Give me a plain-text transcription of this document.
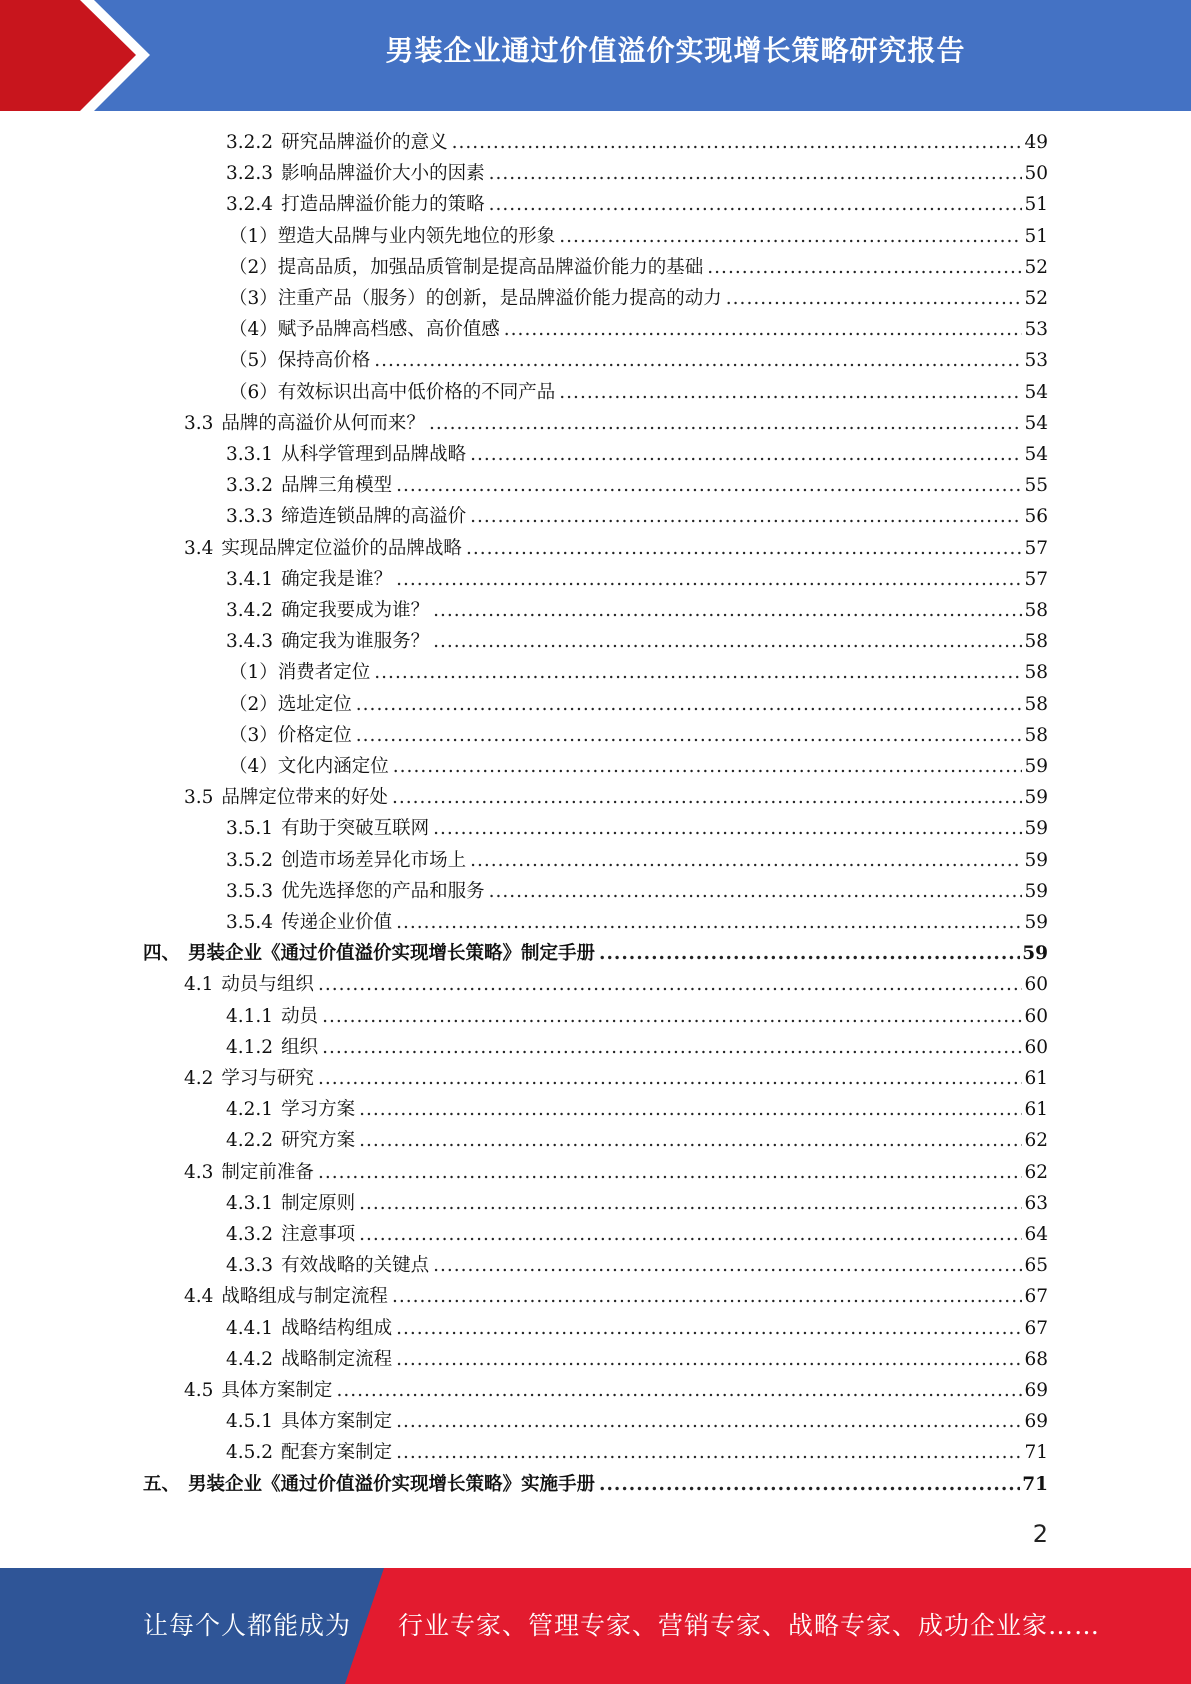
男装企业通过价值溢价实现增长策略研究报告
3.2.2 研究品牌溢价的意义 .....	49
3.2.3 影响品牌溢价大小的因素 .....	50
3.2.4 打造品牌溢价能力的策略 .....	51
（1） 塑造大品牌与业内领先地位的形象 .....	51
（2） 提高品质，加强品质管制是提高品牌溢价能力的基础 .....	52
（3） 注重产品（服务）的创新，是品牌溢价能力提高的动力 .....	52
（4） 赋予品牌高档感、高价值感 .....	53
（5） 保持高价格 .....	53
（6） 有效标识出高中低价格的不同产品 .....	54
3.3 品牌的高溢价从何而来？ .....	54
3.3.1 从科学管理到品牌战略 .....	54
3.3.2 品牌三角模型 .....	55
3.3.3 缔造连锁品牌的高溢价 .....	56
3.4 实现品牌定位溢价的品牌战略 .....	57
3.4.1 确定我是谁？ .....	57
3.4.2 确定我要成为谁？ .....	58
3.4.3 确定我为谁服务？ .....	58
（1） 消费者定位 .....	58
（2） 选址定位 .....	58
（3） 价格定位 .....	58
（4） 文化内涵定位 .....	59
3.5 品牌定位带来的好处 .....	59
3.5.1 有助于突破互联网 .....	59
3.5.2 创造市场差异化市场上 .....	59
3.5.3 优先选择您的产品和服务 .....	59
3.5.4 传递企业价值 .....	59
四、 男装企业《通过价值溢价实现增长策略》制定手册 .....	59
4.1 动员与组织 .....	60
4.1.1 动员 .....	60
4.1.2 组织 .....	60
4.2 学习与研究 .....	61
4.2.1 学习方案 .....	61
4.2.2 研究方案 .....	62
4.3 制定前准备 .....	62
4.3.1 制定原则 .....	63
4.3.2 注意事项 .....	64
4.3.3 有效战略的关键点 .....	65
4.4 战略组成与制定流程 .....	67
4.4.1 战略结构组成 .....	67
4.4.2 战略制定流程 .....	68
4.5 具体方案制定 .....	69
4.5.1 具体方案制定 .....	69
4.5.2 配套方案制定 .....	71
五、 男装企业《通过价值溢价实现增长策略》实施手册 .....	71
2
让每个人都能成为 行业专家、管理专家、营销专家、战略专家、成功企业家……
